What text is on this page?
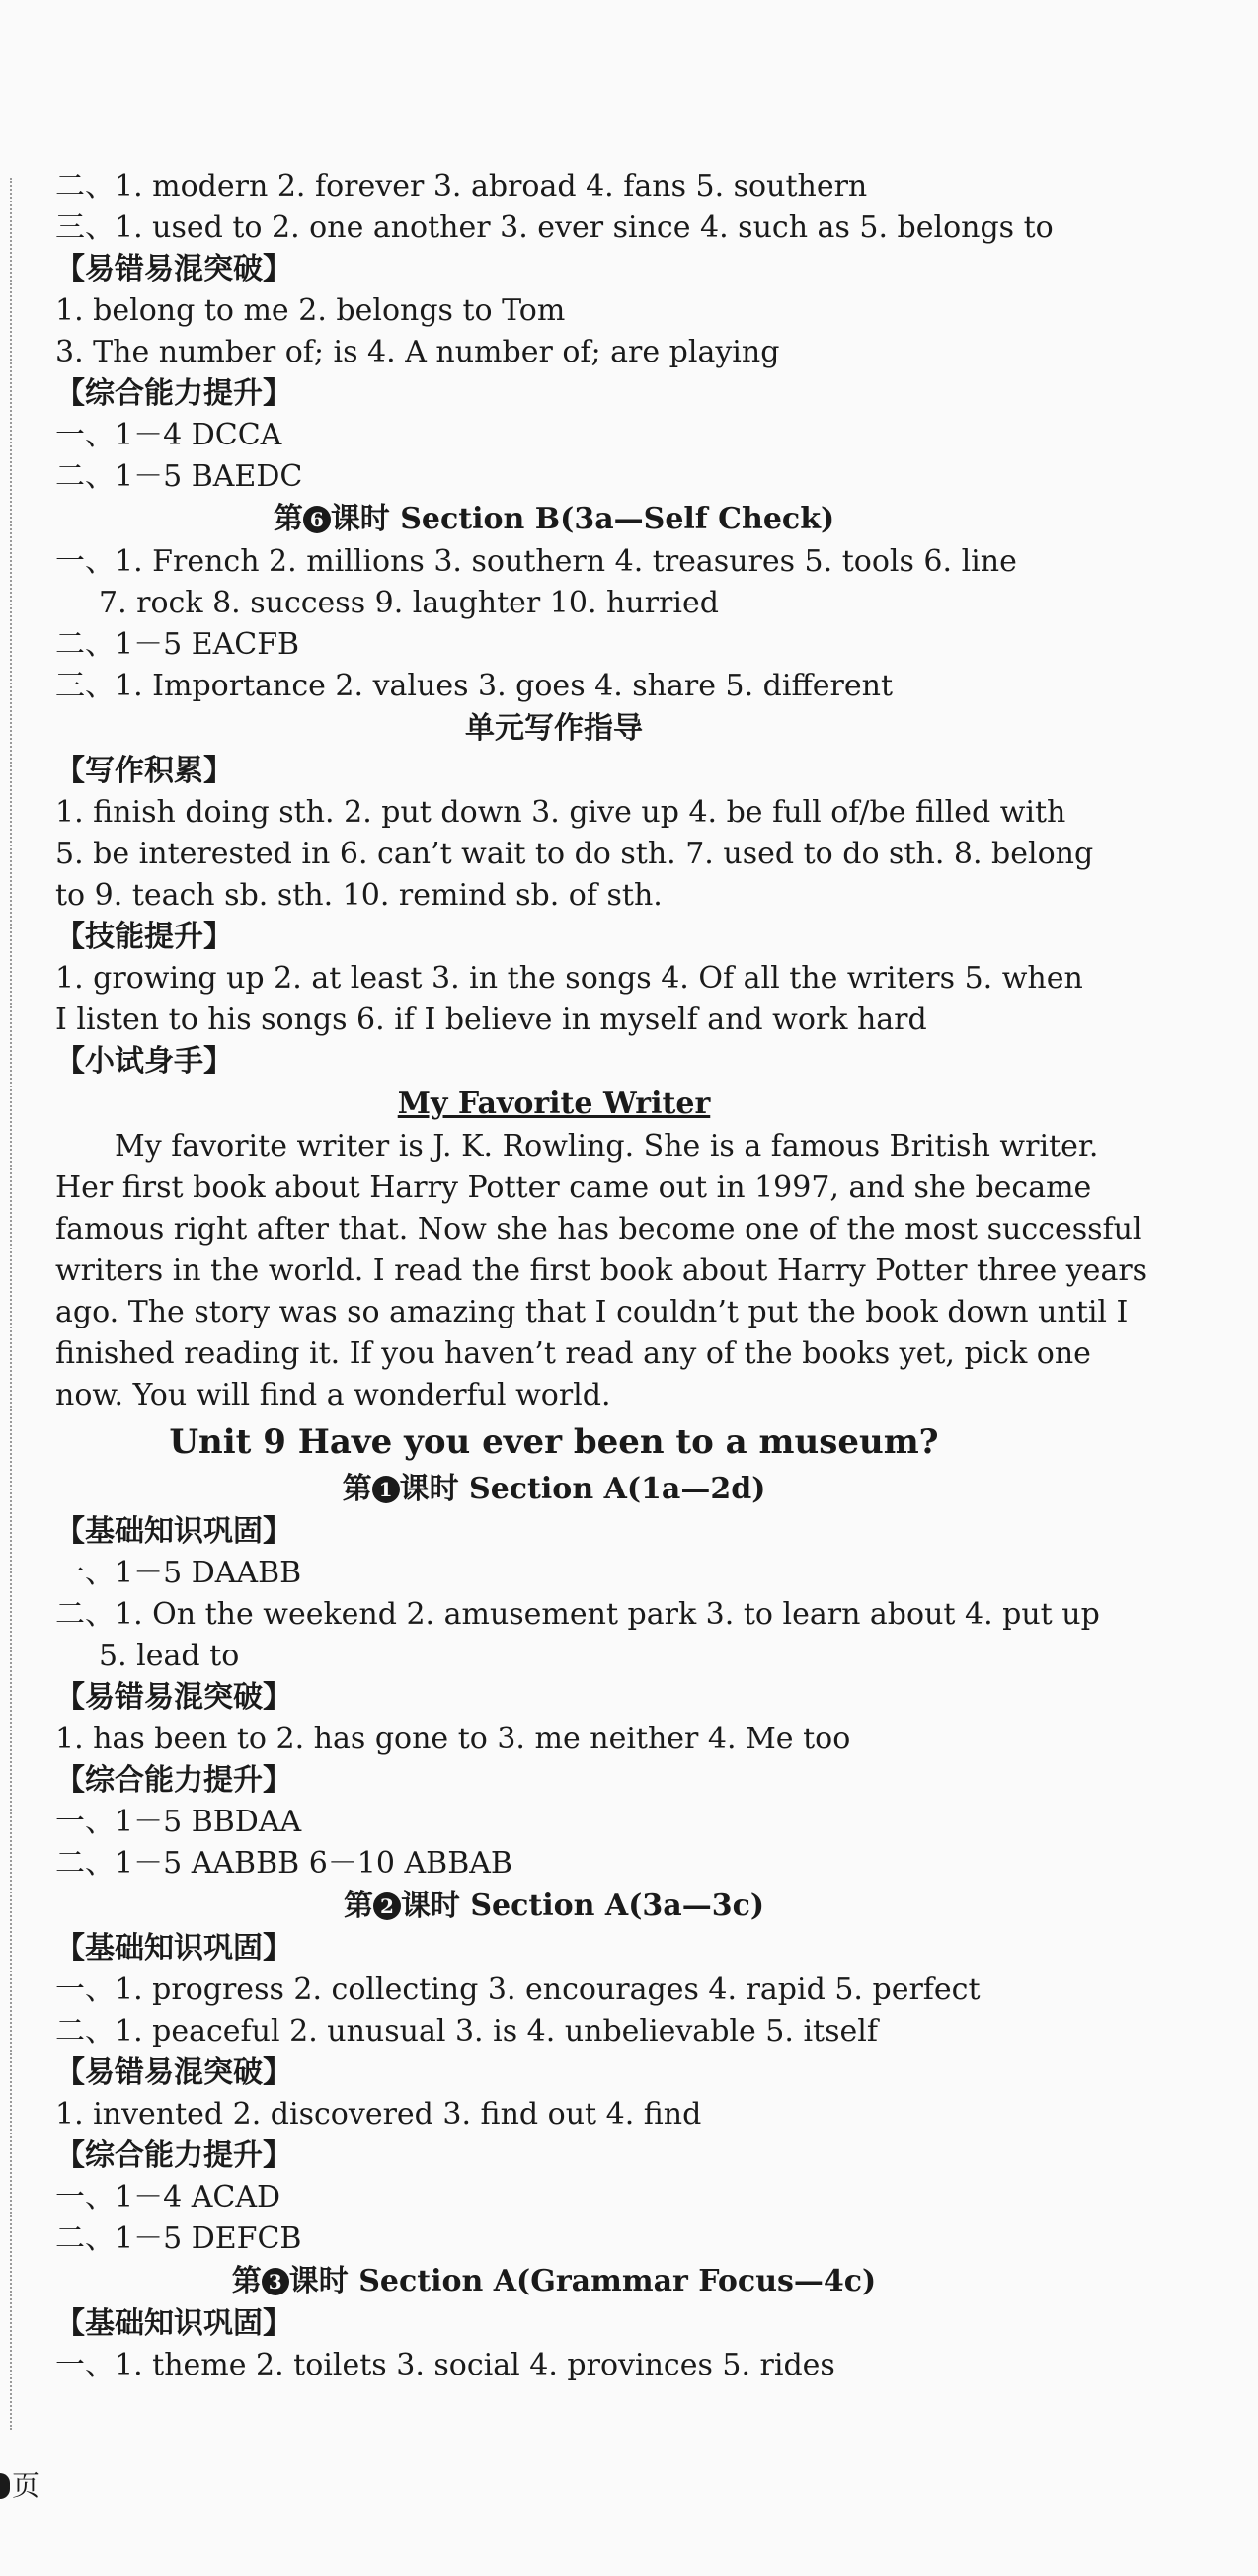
二、1. modern 2. forever 3. abroad 4. fans 5. southern
三、1. used to 2. one another 3. ever since 4. such as 5. belongs to
【易错易混突破】
1. belong to me 2. belongs to Tom
3. The number of; is 4. A number of; are playing
【综合能力提升】
一、1－4 DCCA
二、1－5 BAEDC
第 6 课时 Section B(3a—Self Check)
一、1. French 2. millions 3. southern 4. treasures 5. tools 6. line
7. rock 8. success 9. laughter 10. hurried
二、1－5 EACFB
三、1. Importance 2. values 3. goes 4. share 5. different
单元写作指导
【写作积累】
1. finish doing sth. 2. put down 3. give up 4. be full of/be filled with
5. be interested in 6. can’t wait to do sth. 7. used to do sth. 8. belong
to 9. teach sb. sth. 10. remind sb. of sth.
【技能提升】
1. growing up 2. at least 3. in the songs 4. Of all the writers 5. when
I listen to his songs 6. if I believe in myself and work hard
【小试身手】
My Favorite Writer
My favorite writer is J. K. Rowling. She is a famous British writer.
Her first book about Harry Potter came out in 1997, and she became
famous right after that. Now she has become one of the most successful
writers in the world. I read the first book about Harry Potter three years
ago. The story was so amazing that I couldn’t put the book down until I
finished reading it. If you haven’t read any of the books yet, pick one
now. You will find a wonderful world.
Unit 9 Have you ever been to a museum?
第 1 课时 Section A(1a—2d)
【基础知识巩固】
一、1－5 DAABB
二、1. On the weekend 2. amusement park 3. to learn about 4. put up
5. lead to
【易错易混突破】
1. has been to 2. has gone to 3. me neither 4. Me too
【综合能力提升】
一、1－5 BBDAA
二、1－5 AABBB 6－10 ABBAB
第 2 课时 Section A(3a—3c)
【基础知识巩固】
一、1. progress 2. collecting 3. encourages 4. rapid 5. perfect
二、1. peaceful 2. unusual 3. is 4. unbelievable 5. itself
【易错易混突破】
1. invented 2. discovered 3. find out 4. find
【综合能力提升】
一、1－4 ACAD
二、1－5 DEFCB
第 3 课时 Section A(Grammar Focus—4c)
【基础知识巩固】
一、1. theme 2. toilets 3. social 4. provinces 5. rides
页
